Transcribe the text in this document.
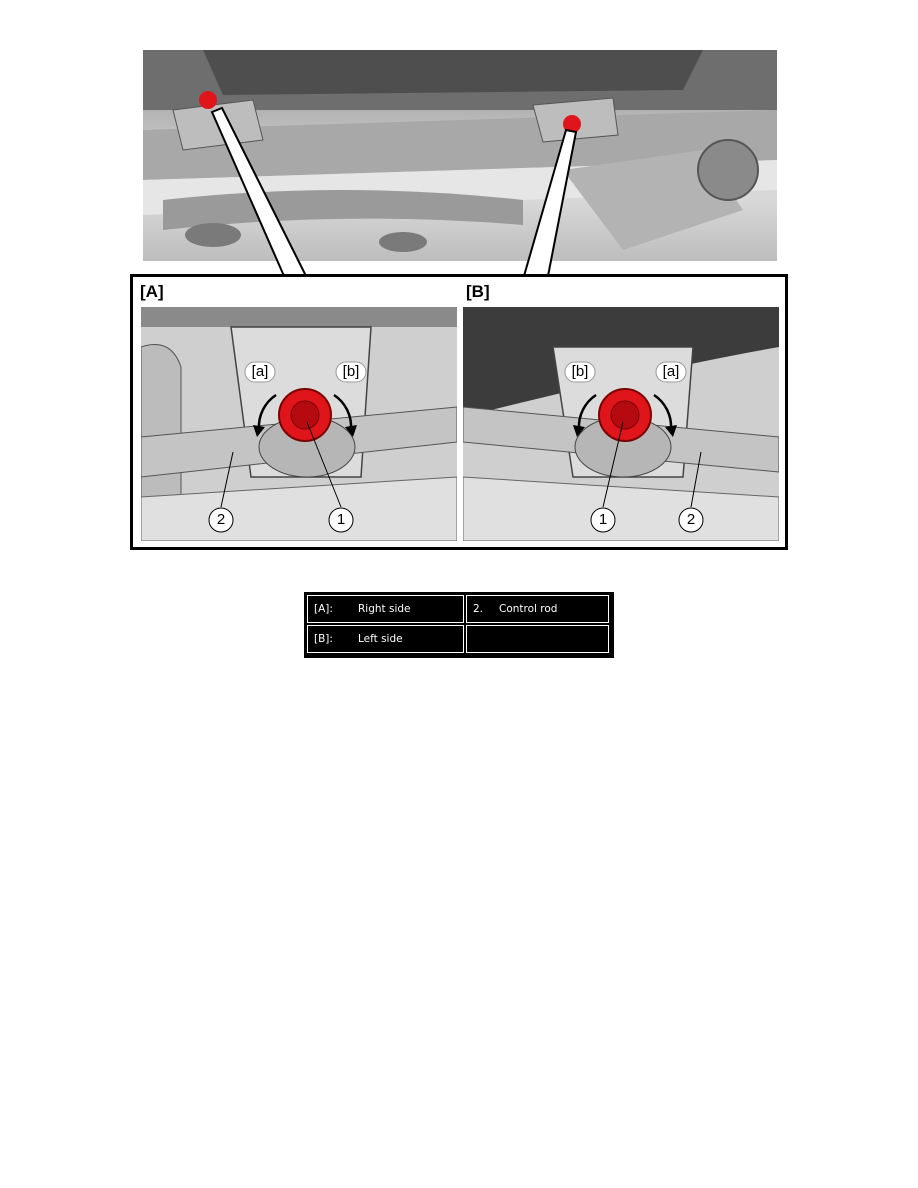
[A]	[B]
[a]	[b]
2	1
[b]	[a]
1	2
[A]:	Right side	2.	Control rod
[B]:	Left side
